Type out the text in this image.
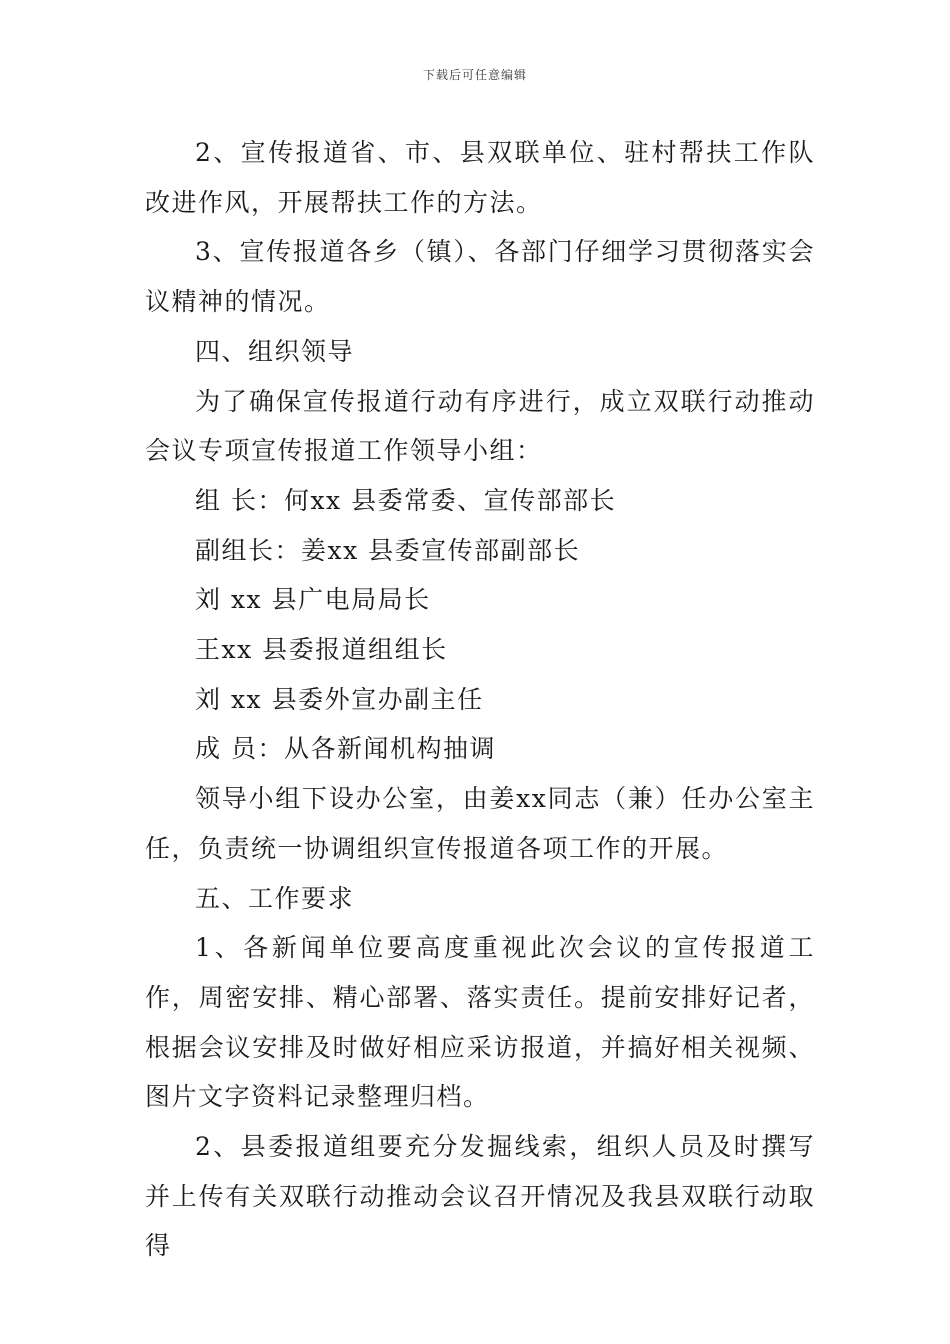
下载后可任意编辑

2、宣传报道省、市、县双联单位、驻村帮扶工作队改进作风，开展帮扶工作的方法。

3、宣传报道各乡（镇）、各部门仔细学习贯彻落实会议精神的情况。

四、组织领导

为了确保宣传报道行动有序进行，成立双联行动推动会议专项宣传报道工作领导小组：

组 长：何xx 县委常委、宣传部部长

副组长：姜xx 县委宣传部副部长

刘 xx 县广电局局长

王xx 县委报道组组长

刘 xx 县委外宣办副主任

成 员：从各新闻机构抽调

领导小组下设办公室，由姜xx同志（兼）任办公室主任，负责统一协调组织宣传报道各项工作的开展。

五、工作要求

1、各新闻单位要高度重视此次会议的宣传报道工作，周密安排、精心部署、落实责任。提前安排好记者，根据会议安排及时做好相应采访报道，并搞好相关视频、图片文字资料记录整理归档。

2、县委报道组要充分发掘线索，组织人员及时撰写并上传有关双联行动推动会议召开情况及我县双联行动取得
